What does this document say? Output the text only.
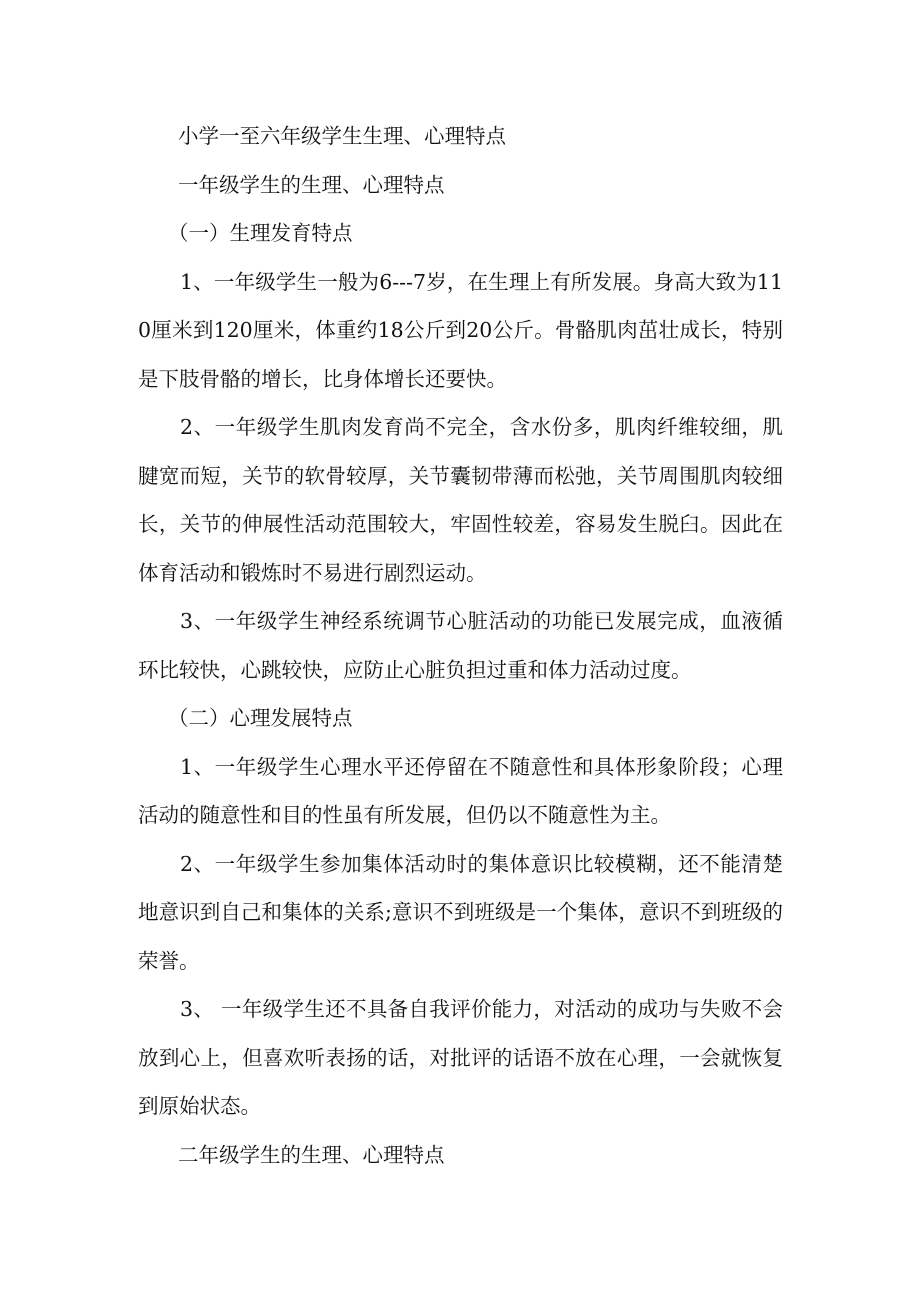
小学一至六年级学生生理、心理特点

一年级学生的生理、心理特点

（一）生理发育特点

1、一年级学生一般为6---7岁，在生理上有所发展。身高大致为110厘米到120厘米，体重约18公斤到20公斤。骨骼肌肉茁壮成长，特别是下肢骨骼的增长，比身体增长还要快。

2、一年级学生肌肉发育尚不完全，含水份多，肌肉纤维较细，肌腱宽而短，关节的软骨较厚，关节囊韧带薄而松弛，关节周围肌肉较细长，关节的伸展性活动范围较大，牢固性较差，容易发生脱臼。因此在体育活动和锻炼时不易进行剧烈运动。

3、一年级学生神经系统调节心脏活动的功能已发展完成，血液循环比较快，心跳较快，应防止心脏负担过重和体力活动过度。

（二）心理发展特点

1、一年级学生心理水平还停留在不随意性和具体形象阶段；心理活动的随意性和目的性虽有所发展，但仍以不随意性为主。

2、一年级学生参加集体活动时的集体意识比较模糊，还不能清楚地意识到自己和集体的关系;意识不到班级是一个集体，意识不到班级的荣誉。

3、 一年级学生还不具备自我评价能力，对活动的成功与失败不会放到心上，但喜欢听表扬的话，对批评的话语不放在心理，一会就恢复到原始状态。

二年级学生的生理、心理特点
